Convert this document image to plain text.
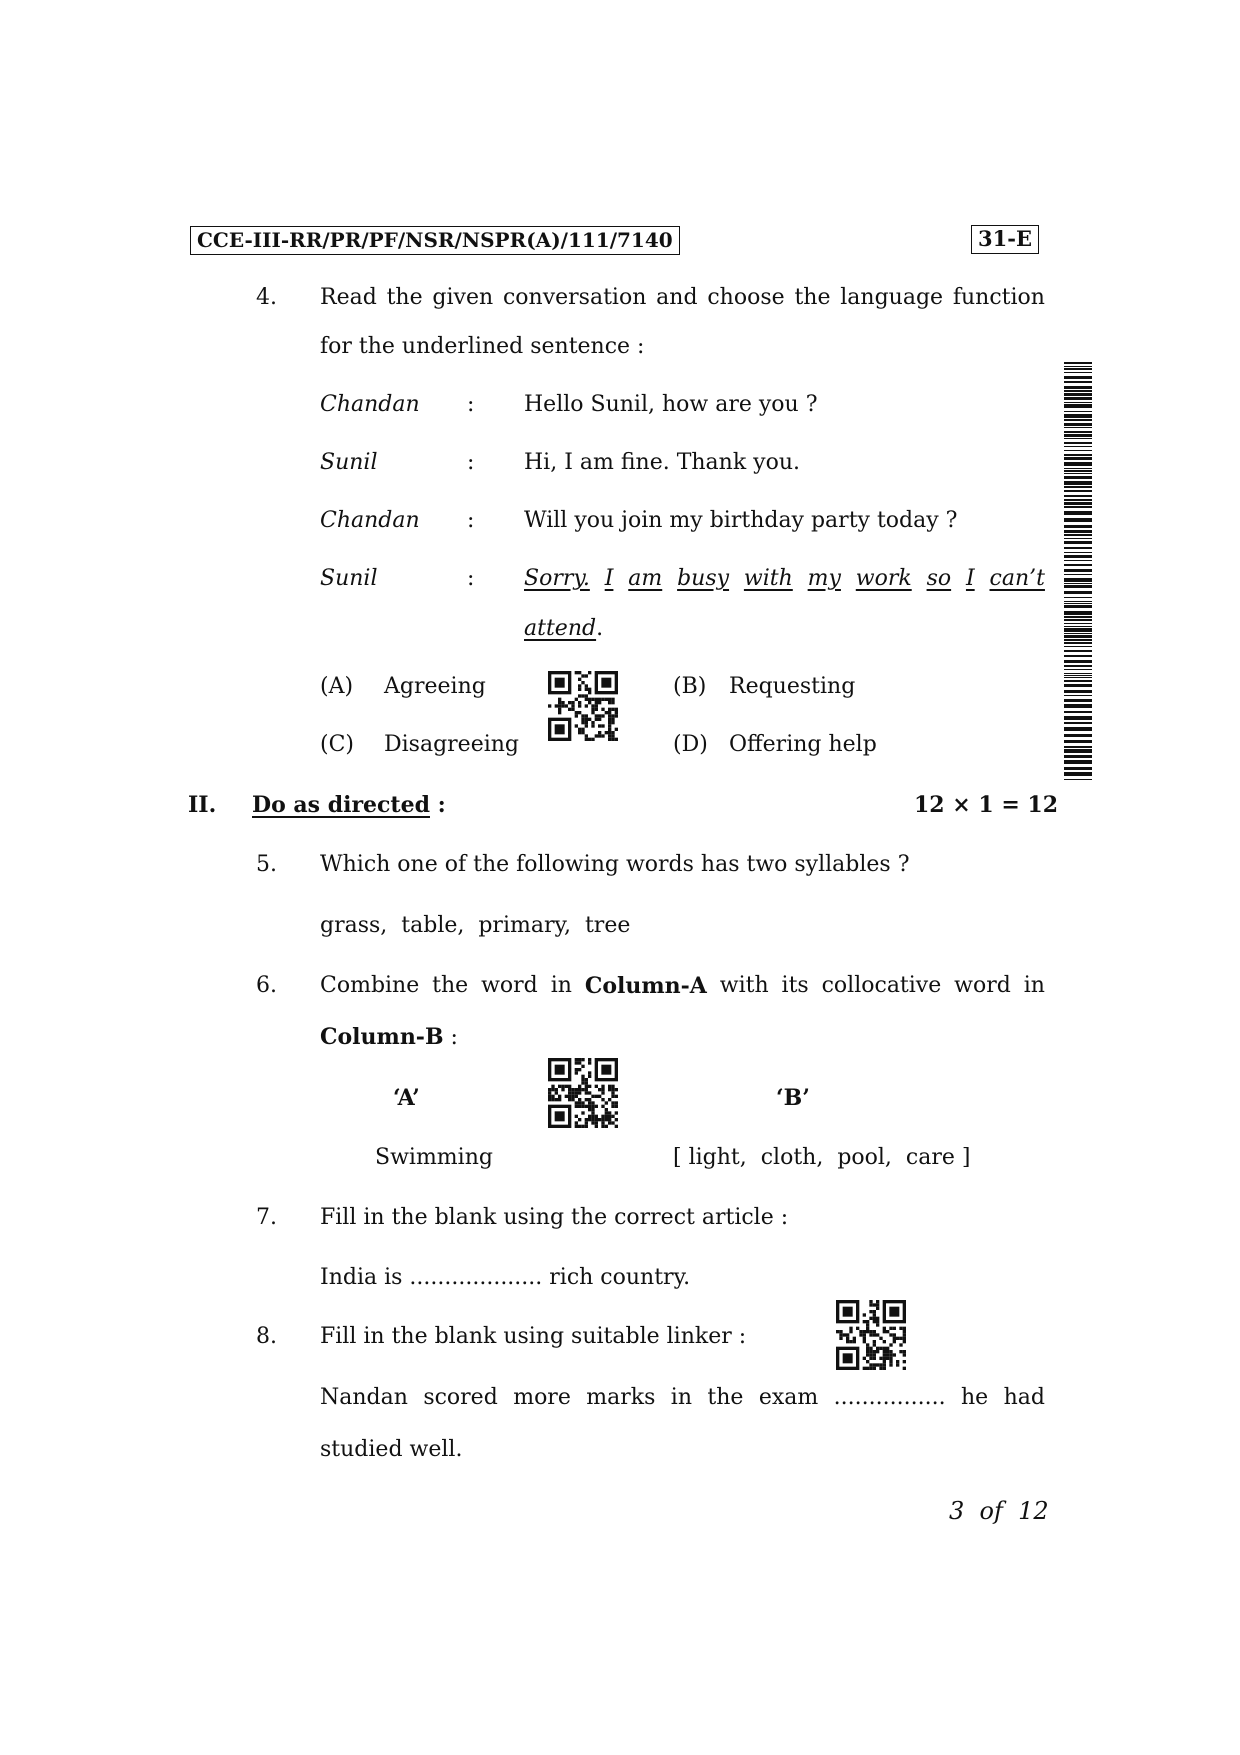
CCE-III-RR/PR/PF/NSR/NSPR(A)/111/7140	31-E
4. Read the given conversation and choose the language function
for the underlined sentence :
Chandan : Hello Sunil, how are you ?
Sunil	: Hi, I am fine. Thank you.
Chandan : Will you join my birthday party today ?
Sunil	: Sorry. I am busy with my work so I can’t
attend.
(A) Agreeing	(B) Requesting
(C) Disagreeing	(D) Offering help
II. Do as directed :	12 × 1 = 12
5. Which one of the following words has two syllables ?
grass,  table,  primary,  tree
6. Combine the word in Column-A with its collocative word in
Column-B :
‘A’	‘B’
Swimming	[ light,  cloth,  pool,  care ]
7. Fill in the blank using the correct article :
India is ................... rich country.
8. Fill in the blank using suitable linker :
Nandan scored more marks in the exam ................ he had
studied well.
3  of  12
